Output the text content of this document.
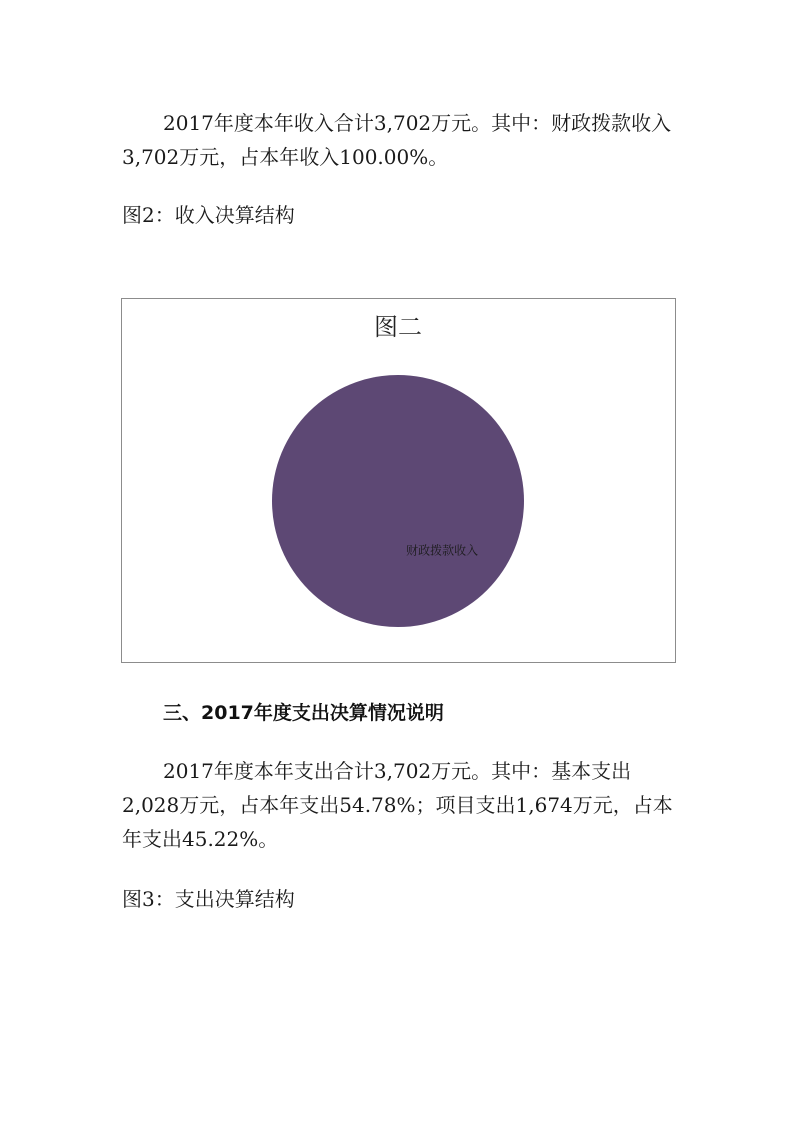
2017年度本年收入合计3,702万元。其中：财政拨款收入3,702万元，占本年收入100.00%。

图2：收入决算结构

图二
财政拨款收入

三、2017年度支出决算情况说明

2017年度本年支出合计3,702万元。其中：基本支出2,028万元，占本年支出54.78%；项目支出1,674万元，占本年支出45.22%。

图3：支出决算结构
